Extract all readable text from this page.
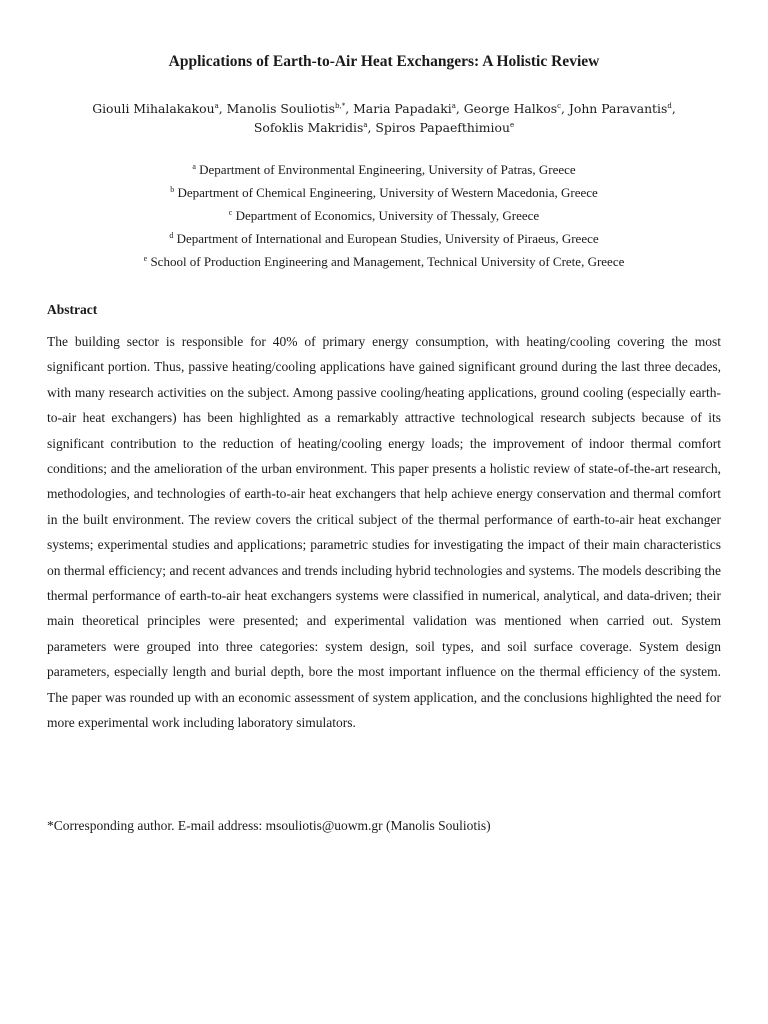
Applications of Earth-to-Air Heat Exchangers: A Holistic Review
Giouli Mihalakakou$^a$, Manolis Souliotis$^{b,*}$, Maria Papadaki$^a$, George Halkos$^c$, John Paravantis$^d$,
Sofoklis Makridis$^a$, Spiros Papaefthimiou$^e$
$^a$ Department of Environmental Engineering, University of Patras, Greece
$^b$ Department of Chemical Engineering, University of Western Macedonia, Greece
$^c$ Department of Economics, University of Thessaly, Greece
$^d$ Department of International and European Studies, University of Piraeus, Greece
$^e$ School of Production Engineering and Management, Technical University of Crete, Greece
Abstract

The building sector is responsible for 40% of primary energy consumption, with heating/cooling covering the most significant portion. Thus, passive heating/cooling applications have gained significant ground during the last three decades, with many research activities on the subject. Among passive cooling/heating applications, ground cooling (especially earth-to-air heat exchangers) has been highlighted as a remarkably attractive technological research subjects because of its significant contribution to the reduction of heating/cooling energy loads; the improvement of indoor thermal comfort conditions; and the amelioration of the urban environment. This paper presents a holistic review of state-of-the-art research, methodologies, and technologies of earth-to-air heat exchangers that help achieve energy conservation and thermal comfort in the built environment. The review covers the critical subject of the thermal performance of earth-to-air heat exchanger systems; experimental studies and applications; parametric studies for investigating the impact of their main characteristics on thermal efficiency; and recent advances and trends including hybrid technologies and systems. The models describing the thermal performance of earth-to-air heat exchangers systems were classified in numerical, analytical, and data-driven; their main theoretical principles were presented; and experimental validation was mentioned when carried out. System parameters were grouped into three categories: system design, soil types, and soil surface coverage. System design parameters, especially length and burial depth, bore the most important influence on the thermal efficiency of the system. The paper was rounded up with an economic assessment of system application, and the conclusions highlighted the need for more experimental work including laboratory simulators.

*Corresponding author. E-mail address: msouliotis@uowm.gr (Manolis Souliotis)
